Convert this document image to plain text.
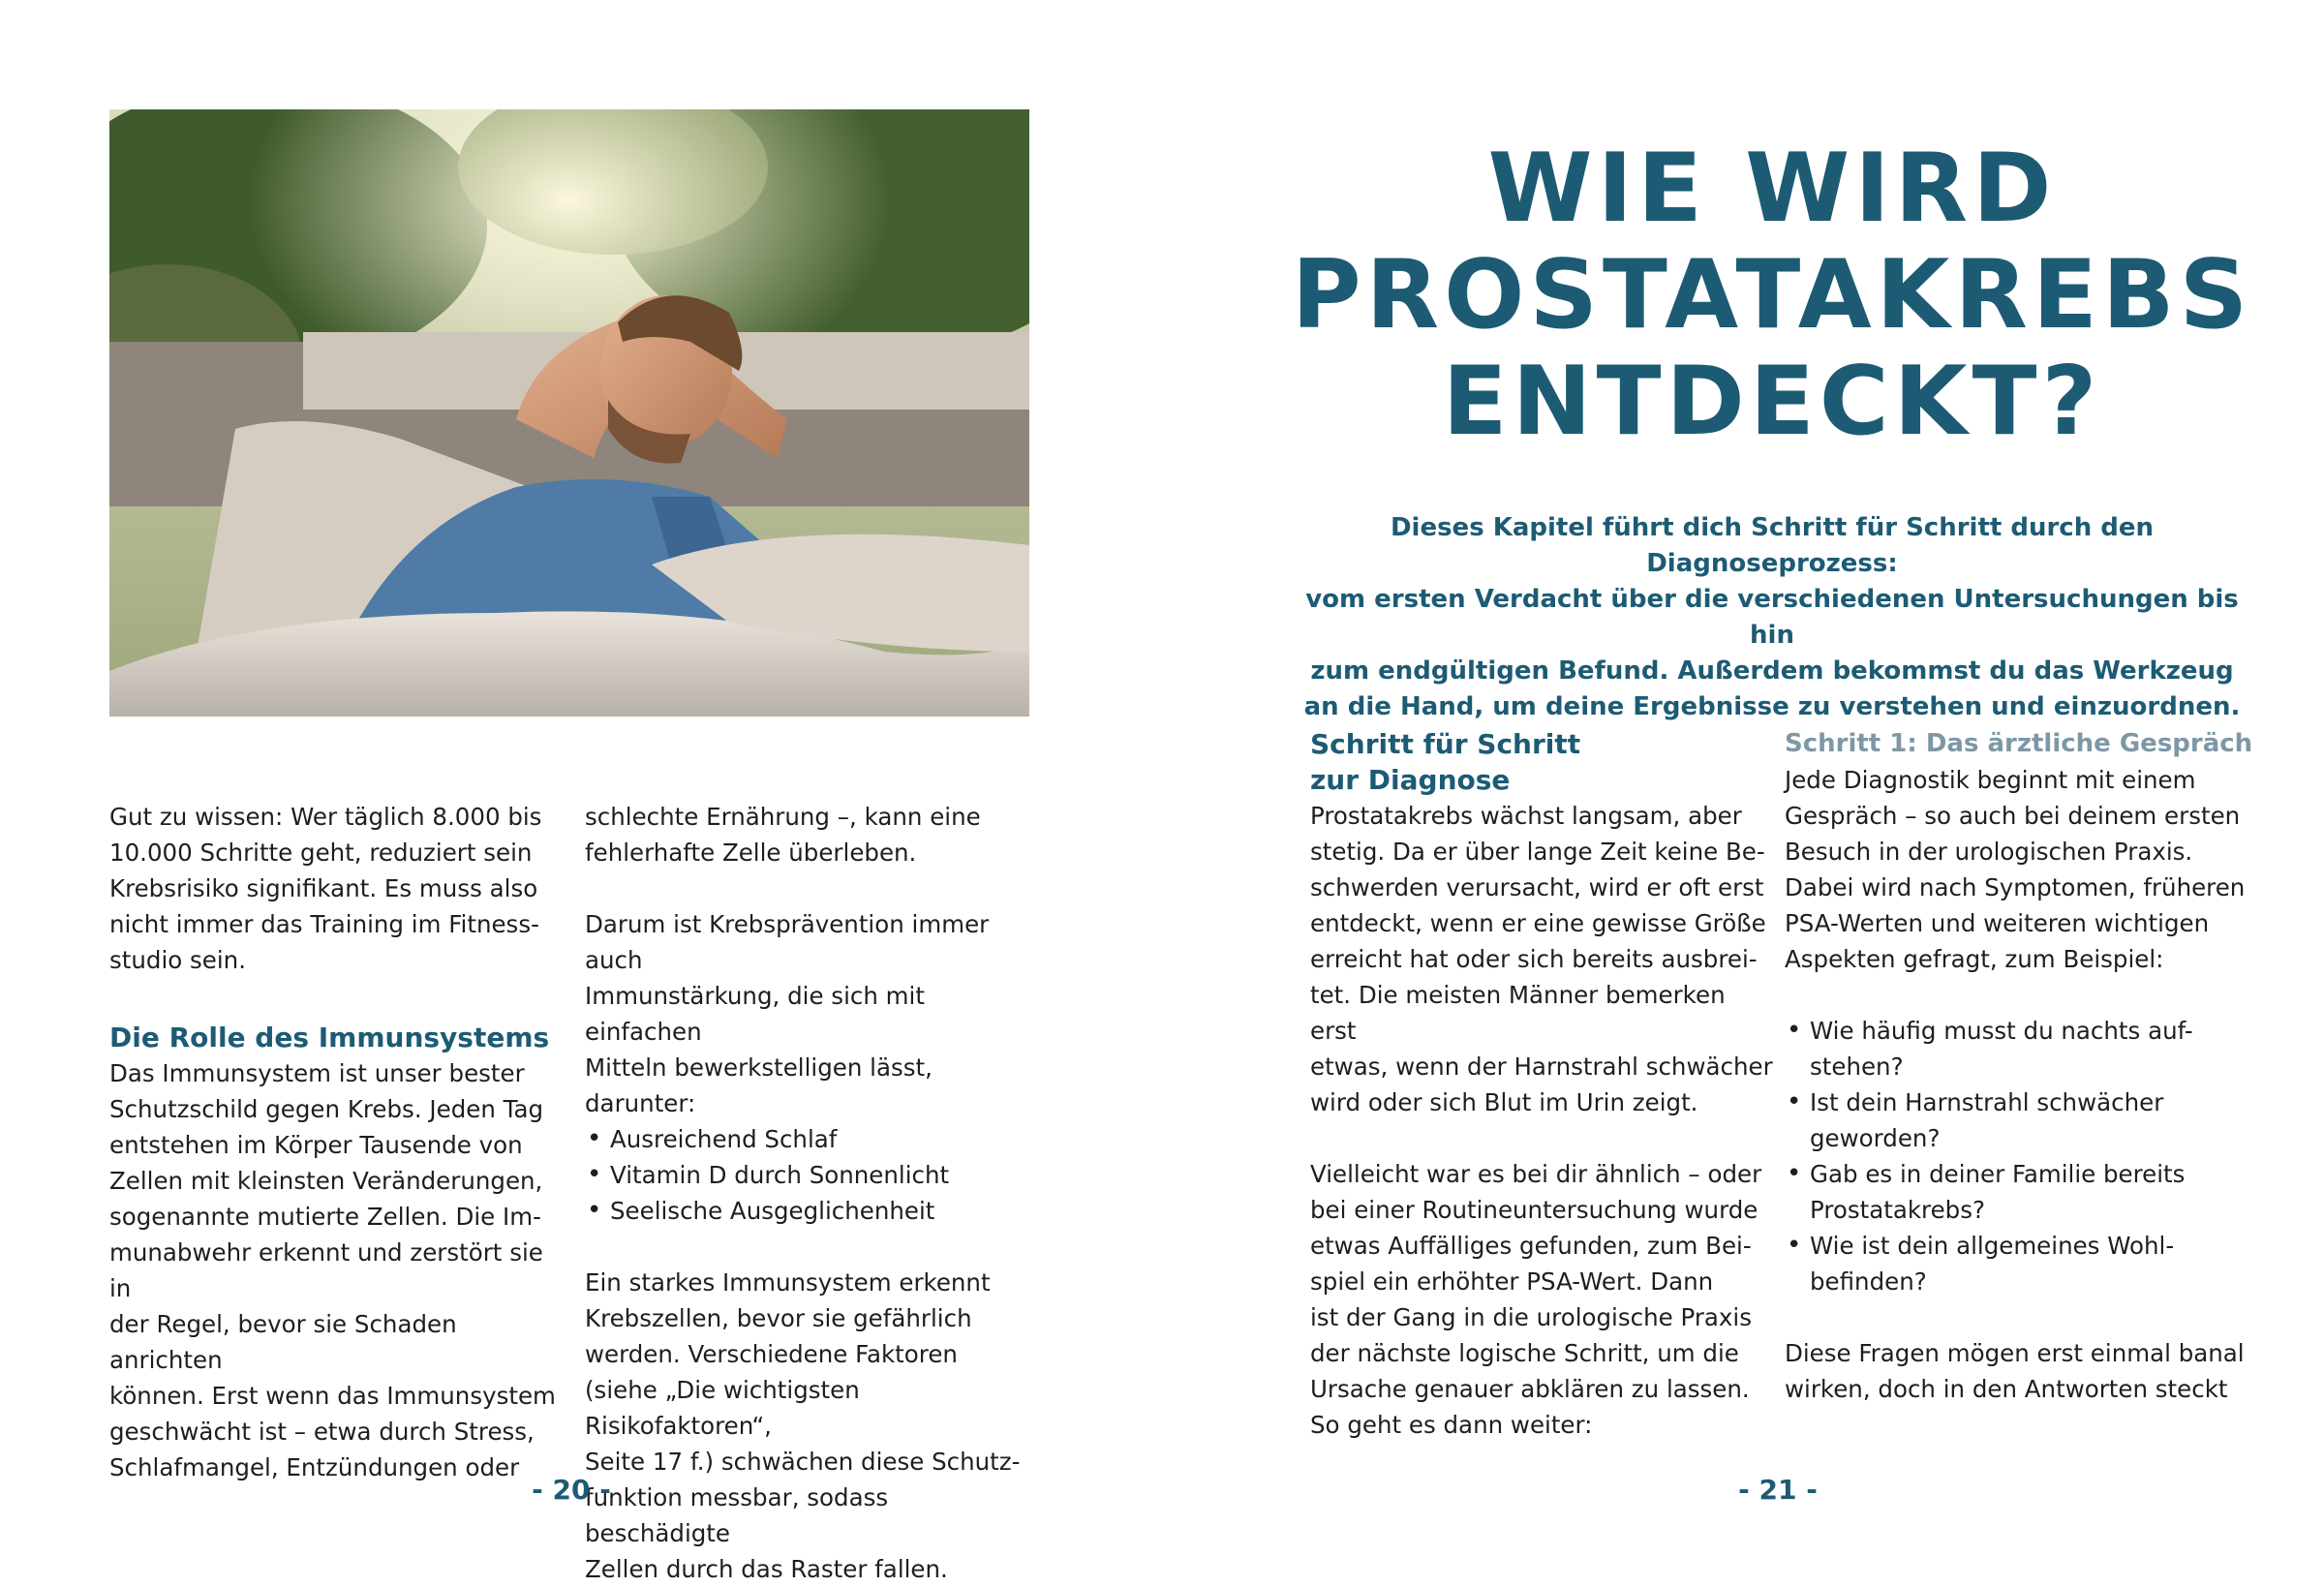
Gut zu wissen: Wer täglich 8.000 bis

10.000 Schritte geht, reduziert sein

Krebsrisiko signifikant. Es muss also

nicht immer das Training im Fitness-

studio sein.

Die Rolle des Immunsystems

Das Immunsystem ist unser bester

Schutzschild gegen Krebs. Jeden Tag

entstehen im Körper Tausende von

Zellen mit kleinsten Veränderungen,

sogenannte mutierte Zellen. Die Im-

munabwehr erkennt und zerstört sie in

der Regel, bevor sie Schaden anrichten

können. Erst wenn das Immunsystem

geschwächt ist – etwa durch Stress,

Schlafmangel, Entzündungen oder

schlechte Ernährung –, kann eine

fehlerhafte Zelle überleben.

Darum ist Krebsprävention immer auch

Immunstärkung, die sich mit einfachen

Mitteln bewerkstelligen lässt, darunter:

• Ausreichend Schlaf
• Vitamin D durch Sonnenlicht
• Seelische Ausgeglichenheit

Ein starkes Immunsystem erkennt

Krebszellen, bevor sie gefährlich

werden. Verschiedene Faktoren

(siehe „Die wichtigsten Risikofaktoren“,

Seite 17 f.) schwächen diese Schutz-

funktion messbar, sodass beschädigte

Zellen durch das Raster fallen.

- 20 -
WIE WIRD
PROSTATAKREBS
ENTDECKT?
Dieses Kapitel führt dich Schritt für Schritt durch den Diagnoseprozess:
vom ersten Verdacht über die verschiedenen Untersuchungen bis hin
zum endgültigen Befund. Außerdem bekommst du das Werkzeug
an die Hand, um deine Ergebnisse zu verstehen und einzuordnen.

Schritt für Schritt

zur Diagnose

Prostatakrebs wächst langsam, aber

stetig. Da er über lange Zeit keine Be-

schwerden verursacht, wird er oft erst

entdeckt, wenn er eine gewisse Größe

erreicht hat oder sich bereits ausbrei-

tet. Die meisten Männer bemerken erst

etwas, wenn der Harnstrahl schwächer

wird oder sich Blut im Urin zeigt.

Vielleicht war es bei dir ähnlich – oder

bei einer Routineuntersuchung wurde

etwas Auffälliges gefunden, zum Bei-

spiel ein erhöhter PSA-Wert. Dann

ist der Gang in die urologische Praxis

der nächste logische Schritt, um die

Ursache genauer abklären zu lassen.

So geht es dann weiter:

Schritt 1: Das ärztliche Gespräch

Jede Diagnostik beginnt mit einem

Gespräch – so auch bei deinem ersten

Besuch in der urologischen Praxis.

Dabei wird nach Symptomen, früheren

PSA-Werten und weiteren wichtigen

Aspekten gefragt, zum Beispiel:

• Wie häufig musst du nachts auf-
stehen?
• Ist dein Harnstrahl schwächer
geworden?
• Gab es in deiner Familie bereits
Prostatakrebs?
• Wie ist dein allgemeines Wohl-
befinden?

Diese Fragen mögen erst einmal banal

wirken, doch in den Antworten steckt

- 21 -
